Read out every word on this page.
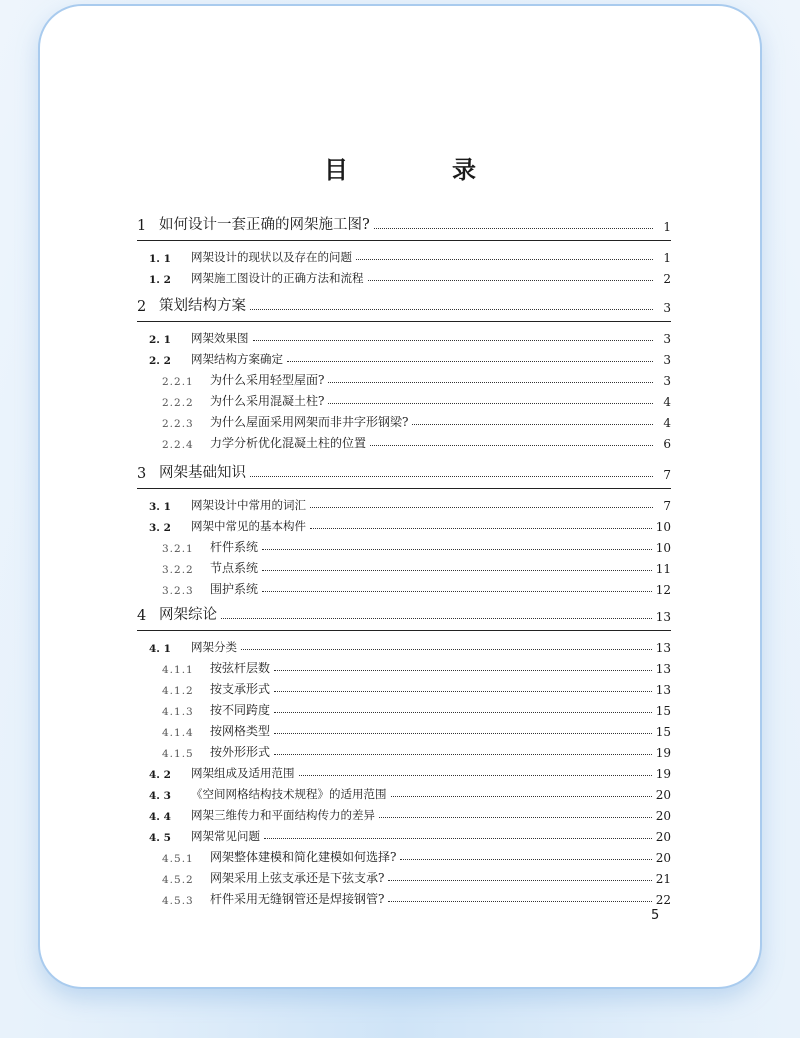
目　录
1 如何设计一套正确的网架施工图?	1
1. 1	网架设计的现状以及存在的问题	1
1. 2	网架施工图设计的正确方法和流程	2
2 策划结构方案	3
2. 1	网架效果图	3
2. 2	网架结构方案确定	3
2.2.1	为什么采用轻型屋面?	3
2.2.2	为什么采用混凝土柱?	4
2.2.3	为什么屋面采用网架而非井字形钢梁?	4
2.2.4	力学分析优化混凝土柱的位置	6
3 网架基础知识	7
3. 1	网架设计中常用的词汇	7
3. 2	网架中常见的基本构件	10
3.2.1	杆件系统	10
3.2.2	节点系统	11
3.2.3	围护系统	12
4 网架综论	13
4. 1	网架分类	13
4.1.1	按弦杆层数	13
4.1.2	按支承形式	13
4.1.3	按不同跨度	15
4.1.4	按网格类型	15
4.1.5	按外形形式	19
4. 2	网架组成及适用范围	19
4. 3	《空间网格结构技术规程》的适用范围	20
4. 4	网架三维传力和平面结构传力的差异	20
4. 5	网架常见问题	20
4.5.1	网架整体建模和简化建模如何选择?	20
4.5.2	网架采用上弦支承还是下弦支承?	21
4.5.3	杆件采用无缝钢管还是焊接钢管?	22
5
